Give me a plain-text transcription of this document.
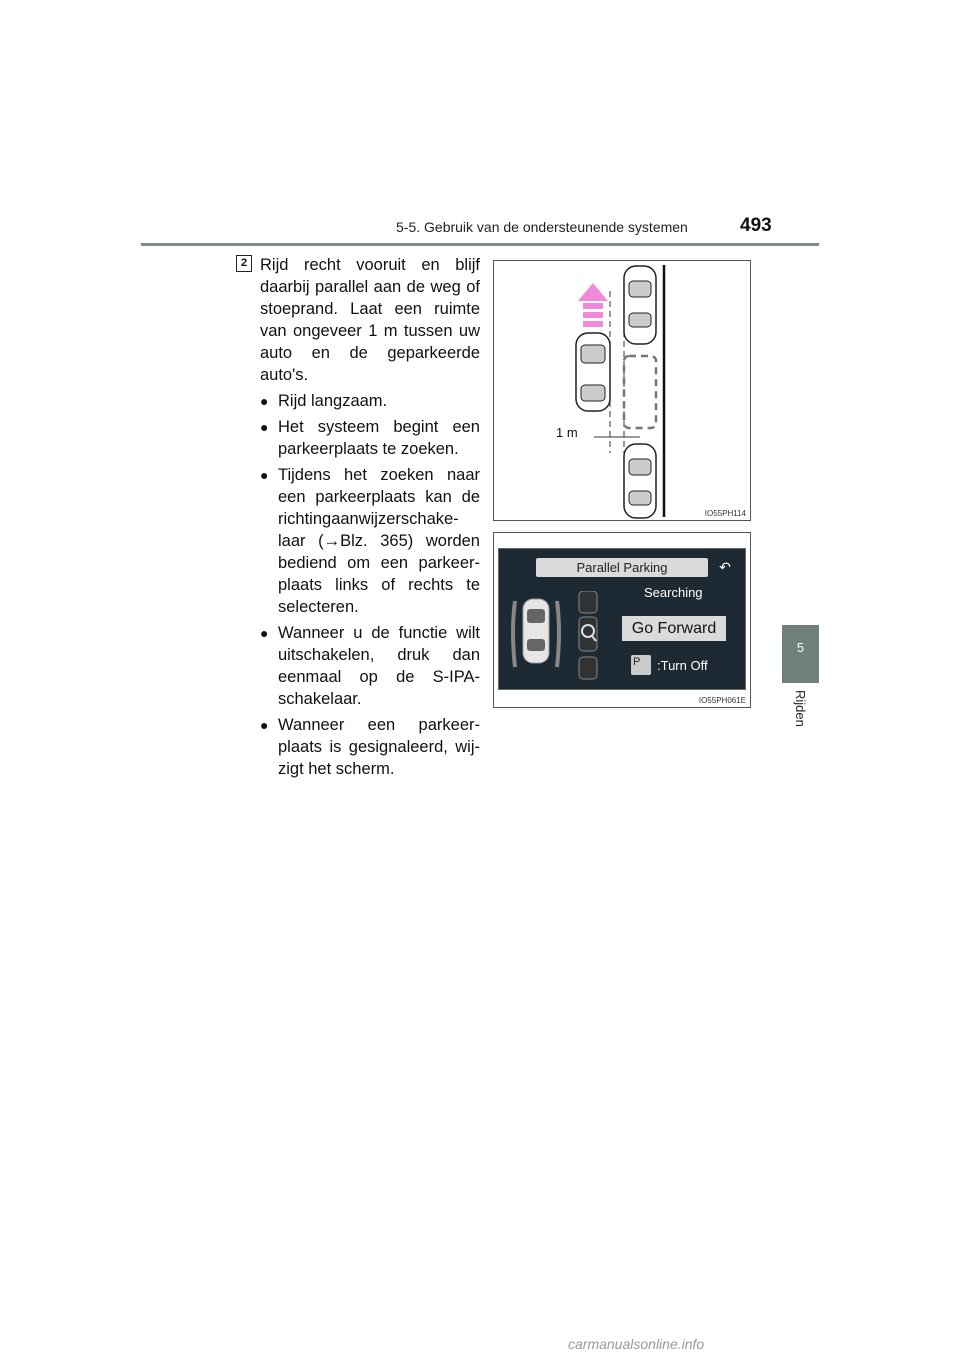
5-5. Gebruik van de ondersteunende systemen	493
5
Rijden
2 Rijd recht vooruit en blijf daarbij parallel aan de weg of stoeprand. Laat een ruimte van ongeveer 1 m tussen uw auto en de geparkeerde auto's.

● Rijd langzaam.
● Het systeem begint een parkeerplaats te zoeken.
● Tijdens het zoeken naar een parkeerplaats kan de richtingaanwijzerschake-laar (→Blz. 365) worden bediend om een parkeer-plaats links of rechts te selecteren.
● Wanneer u de functie wilt uitschakelen, druk dan eenmaal op de S-IPA-schakelaar.
● Wanneer een parkeer-plaats is gesignaleerd, wij-zigt het scherm.
1 m
IO55PH114
Parallel Parking	↶
Searching
Go Forward
P	:Turn Off
IO55PH061E
carmanualsonline.info
